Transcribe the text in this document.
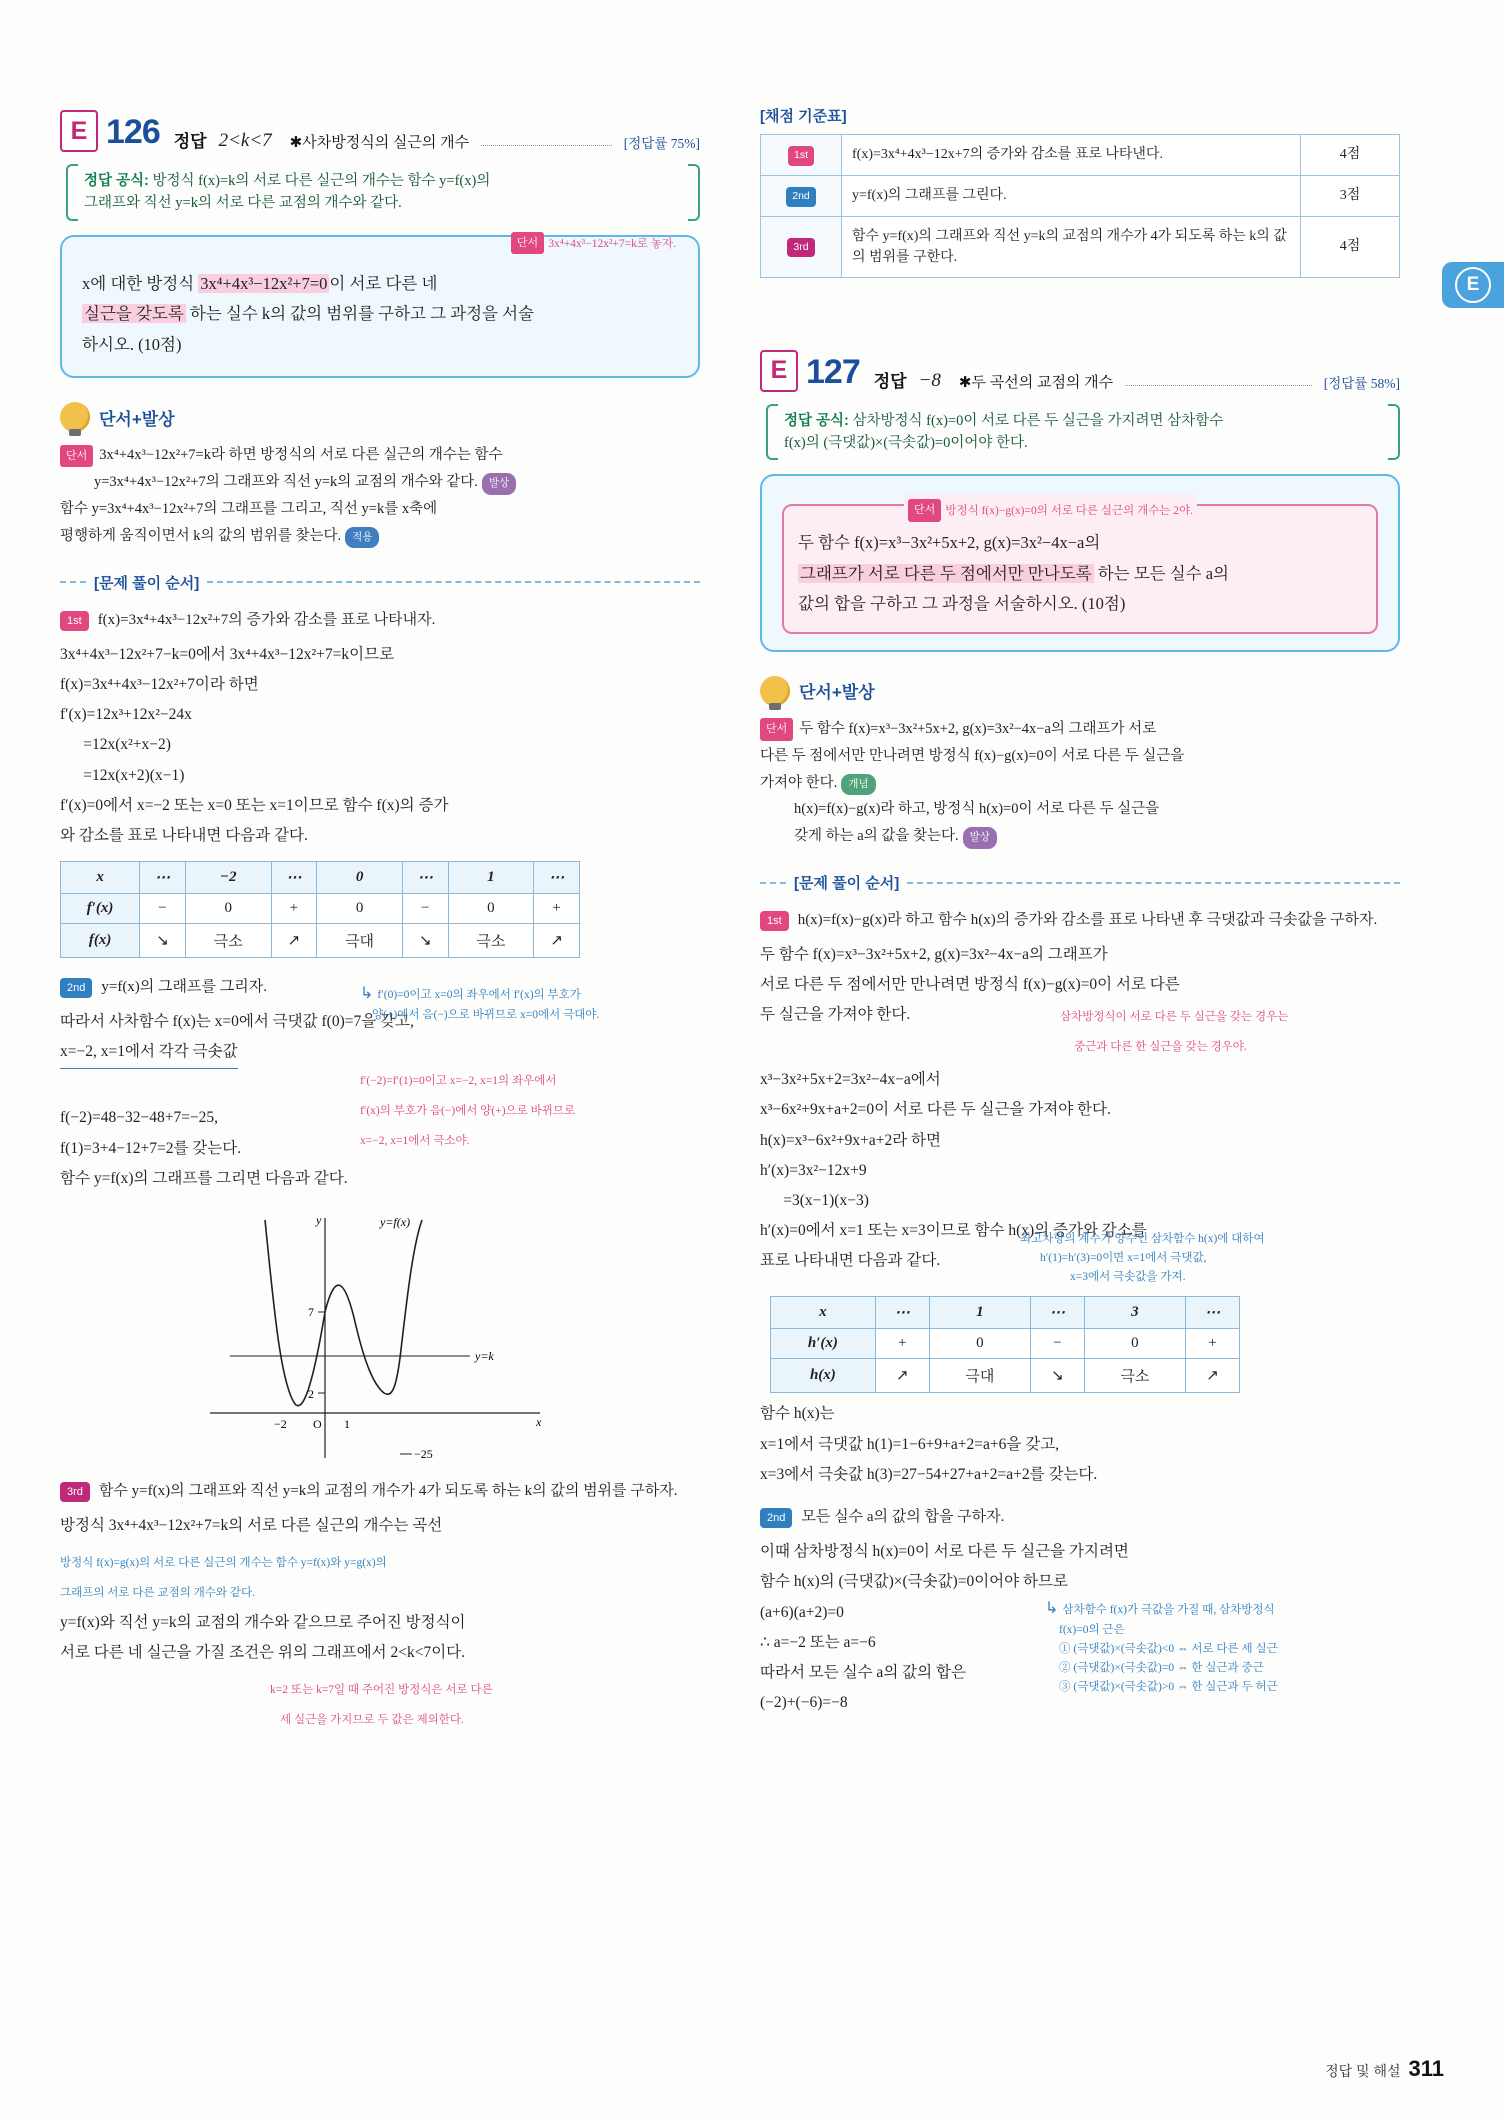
E
E 126 정답 2<k<7 ✱사차방정식의 실근의 개수	[정답률 75%]
정답 공식: 방정식 f(x)=k의 서로 다른 실근의 개수는 함수 y=f(x)의
그래프와 직선 y=k의 서로 다른 교점의 개수와 같다.
단서 3x⁴+4x³−12x²+7=k로 놓자.
x에 대한 방정식 3x⁴+4x³−12x²+7=0 이 서로 다른 네
실근을 갖도록 하는 실수 k의 값의 범위를 구하고 그 과정을 서술
하시오. (10점)
단서+발상
단서 3x⁴+4x³−12x²+7=k라 하면 방정식의 서로 다른 실근의 개수는 함수
y=3x⁴+4x³−12x²+7의 그래프와 직선 y=k의 교점의 개수와 같다. 발상
함수 y=3x⁴+4x³−12x²+7의 그래프를 그리고, 직선 y=k를 x축에
평행하게 움직이면서 k의 값의 범위를 찾는다. 적용
[문제 풀이 순서]
1st	f(x)=3x⁴+4x³−12x²+7의 증가와 감소를 표로 나타내자.
3x⁴+4x³−12x²+7−k=0에서 3x⁴+4x³−12x²+7=k이므로
f(x)=3x⁴+4x³−12x²+7이라 하면
f′(x)=12x³+12x²−24x
=12x(x²+x−2)
=12x(x+2)(x−1)
f′(x)=0에서 x=−2 또는 x=0 또는 x=1이므로 함수 f(x)의 증가
와 감소를 표로 나타내면 다음과 같다.
x	⋯	−2	⋯	0	⋯	1	⋯
f′(x)	−	0	+	0	−	0	+
f(x)	↘	극소	↗	극대	↘	극소	↗
2nd	y=f(x)의 그래프를 그리자.	↳ f′(0)=0이고 x=0의 좌우에서 f′(x)의 부호가
양(+)에서 음(−)으로 바뀌므로 x=0에서 극대야.
따라서 사차함수 f(x)는 x=0에서 극댓값 f(0)=7을 갖고,
x=−2, x=1에서 각각 극솟값
f′(−2)=f′(1)=0이고 x=−2, x=1의 좌우에서
f′(x)의 부호가 음(−)에서 양(+)으로 바뀌므로
x=−2, x=1에서 극소야.
f(−2)=48−32−48+7=−25,
f(1)=3+4−12+7=2를 갖는다.
함수 y=f(x)의 그래프를 그리면 다음과 같다.
y
x
O
y=k
y=f(x)
7
2
−2	1
−25
3rd	함수 y=f(x)의 그래프와 직선 y=k의 교점의 개수가 4가 되도록 하는 k의 값의 범위를 구하자.
방정식 3x⁴+4x³−12x²+7=k의 서로 다른 실근의 개수는 곡선
방정식 f(x)=g(x)의 서로 다른 실근의 개수는 함수 y=f(x)와 y=g(x)의
그래프의 서로 다른 교점의 개수와 같다.
y=f(x)와 직선 y=k의 교점의 개수와 같으므로 주어진 방정식이
서로 다른 네 실근을 가질 조건은 위의 그래프에서 2<k<7이다.
k=2 또는 k=7일 때 주어진 방정식은 서로 다른
세 실근을 가지므로 두 값은 제외한다.
[채점 기준표]
1st	f(x)=3x⁴+4x³−12x+7의 증가와 감소를 표로 나타낸다.	4점
2nd	y=f(x)의 그래프를 그린다.	3점
3rd	함수 y=f(x)의 그래프와 직선 y=k의 교점의 개수가 4가 되도록 하는 k의 값의 범위를 구한다.	4점
E 127 정답 −8 ✱두 곡선의 교점의 개수	[정답률 58%]
정답 공식: 삼차방정식 f(x)=0이 서로 다른 두 실근을 가지려면 삼차함수
f(x)의 (극댓값)×(극솟값)=0이어야 한다.
단서 방정식 f(x)−g(x)=0의 서로 다른 실근의 개수는 2야.
두 함수 f(x)=x³−3x²+5x+2, g(x)=3x²−4x−a의
그래프가 서로 다른 두 점에서만 만나도록 하는 모든 실수 a의
값의 합을 구하고 그 과정을 서술하시오. (10점)
단서+발상
단서 두 함수 f(x)=x³−3x²+5x+2, g(x)=3x²−4x−a의 그래프가 서로
다른 두 점에서만 만나려면 방정식 f(x)−g(x)=0이 서로 다른 두 실근을
가져야 한다. 개념
h(x)=f(x)−g(x)라 하고, 방정식 h(x)=0이 서로 다른 두 실근을
갖게 하는 a의 값을 찾는다. 발상
[문제 풀이 순서]
1st	h(x)=f(x)−g(x)라 하고 함수 h(x)의 증가와 감소를 표로 나타낸 후 극댓값과 극솟값을 구하자.
두 함수 f(x)=x³−3x²+5x+2, g(x)=3x²−4x−a의 그래프가
서로 다른 두 점에서만 만나려면 방정식 f(x)−g(x)=0이 서로 다른
두 실근을 가져야 한다.	삼차방정식이 서로 다른 두 실근을 갖는 경우는
중근과 다른 한 실근을 갖는 경우야.
x³−3x²+5x+2=3x²−4x−a에서
x³−6x²+9x+a+2=0이 서로 다른 두 실근을 가져야 한다.
h(x)=x³−6x²+9x+a+2라 하면
h′(x)=3x²−12x+9
=3(x−1)(x−3)
h′(x)=0에서 x=1 또는 x=3이므로 함수 h(x)의 증가와 감소를
표로 나타내면 다음과 같다.
최고차항의 계수가 양수인 삼차함수 h(x)에 대하여
h′(1)=h′(3)=0이면 x=1에서 극댓값,
x=3에서 극솟값을 가져.
x	⋯	1	⋯	3	⋯
h′(x)	+	0	−	0	+
h(x)	↗	극대	↘	극소	↗
함수 h(x)는
x=1에서 극댓값 h(1)=1−6+9+a+2=a+6을 갖고,
x=3에서 극솟값 h(3)=27−54+27+a+2=a+2를 갖는다.
2nd	모든 실수 a의 값의 합을 구하자.
이때 삼차방정식 h(x)=0이 서로 다른 두 실근을 가지려면
함수 h(x)의 (극댓값)×(극솟값)=0이어야 하므로
(a+6)(a+2)=0
∴ a=−2 또는 a=−6
따라서 모든 실수 a의 값의 합은
(−2)+(−6)=−8
↳ 삼차함수 f(x)가 극값을 가질 때, 삼차방정식
f(x)=0의 근은
① (극댓값)×(극솟값)<0 ⇔ 서로 다른 세 실근
② (극댓값)×(극솟값)=0 ⇔ 한 실근과 중근
③ (극댓값)×(극솟값)>0 ⇔ 한 실근과 두 허근
정답 및 해설 311
